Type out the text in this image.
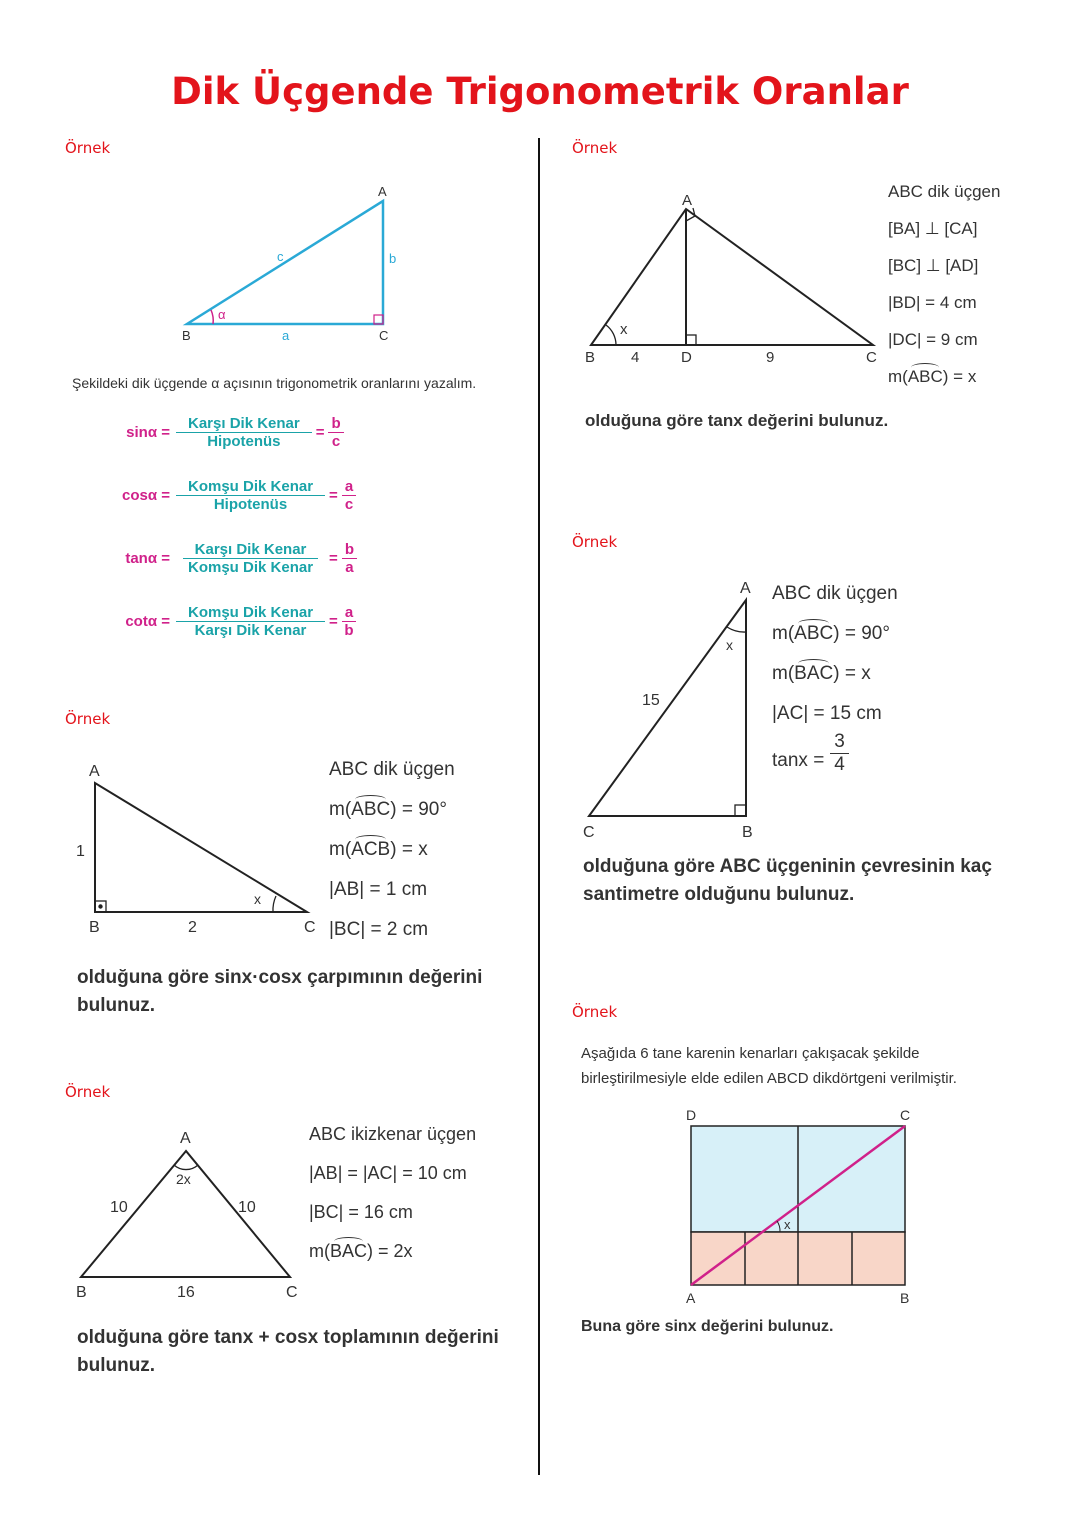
Dik Üçgende Trigonometrik Oranlar
Örnek
Örnek
Örnek
Örnek
Örnek
Örnek
A
B	C
a
b
c
α
A
B	C
1
2
x
A
B	C
10	10
16
2x
A
B	C
D
4	9
x
A
B
C
15
x
A	B
C
D
x
Şekildeki dik üçgende α açısının trigonometrik oranlarını yazalım.
$\sin\alpha = \frac{\text{Karşı Dik Kenar}}{\text{Hipotenüs}} = \frac{b}{c}$
$\cos\alpha = \frac{\text{Komşu Dik Kenar}}{\text{Hipotenüs}} = \frac{a}{c}$
$\tan\alpha = \frac{\text{Karşı Dik Kenar}}{\text{Komşu Dik Kenar}} = \frac{b}{a}$
$\cot\alpha = \frac{\text{Komşu Dik Kenar}}{\text{Karşı Dik Kenar}} = \frac{a}{b}$
ABC dik üçgen
m(ABC) = 90°
m(ACB) = x
|AB| = 1 cm
|BC| = 2 cm
olduğuna göre sinx·cosx çarpımının değerini
bulunuz.
ABC ikizkenar üçgen
|AB| = |AC| = 10 cm
|BC| = 16 cm
m(BAC) = 2x
olduğuna göre tanx + cosx toplamının değerini
bulunuz.
ABC dik üçgen
[BA] ⊥ [CA]
[BC] ⊥ [AD]
|BD| = 4 cm
|DC| = 9 cm
m(ABC) = x
olduğuna göre tanx değerini bulunuz.
ABC dik üçgen
m(ABC) = 90°
m(BAC) = x
|AC| = 15 cm
$\tan x = \frac{3}{4}$
olduğuna göre ABC üçgeninin çevresinin kaç
santimetre olduğunu bulunuz.
Aşağıda 6 tane karenin kenarları çakışacak şekilde
birleştirilmesiyle elde edilen ABCD dikdörtgeni verilmiştir.
Buna göre sinx değerini bulunuz.
